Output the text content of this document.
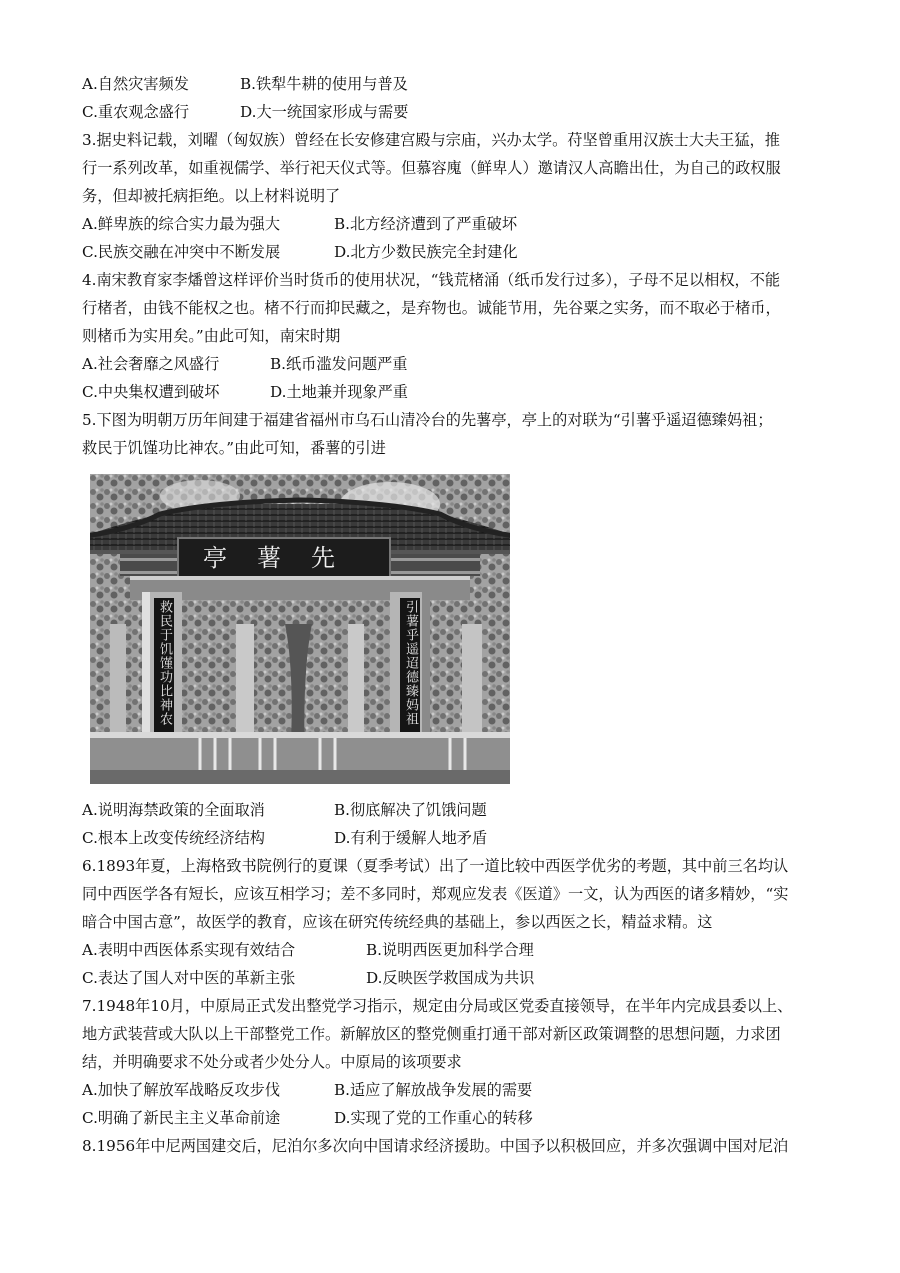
A.自然灾害频发	B.铁犁牛耕的使用与普及
C.重农观念盛行	D.大一统国家形成与需要
3.据史料记载，刘曜（匈奴族）曾经在长安修建宫殿与宗庙，兴办太学。苻坚曾重用汉族士大夫王猛，推
行一系列改革，如重视儒学、举行祀天仪式等。但慕容廆（鲜卑人）邀请汉人高瞻出仕，为自己的政权服
务，但却被托病拒绝。以上材料说明了
A.鲜卑族的综合实力最为强大	B.北方经济遭到了严重破坏
C.民族交融在冲突中不断发展	D.北方少数民族完全封建化
4.南宋教育家李燔曾这样评价当时货币的使用状况，“钱荒楮涌（纸币发行过多），子母不足以相权，不能
行楮者，由钱不能权之也。楮不行而抑民藏之，是弃物也。诚能节用，先谷粟之实务，而不取必于楮币，
则楮币为实用矣。”由此可知，南宋时期
A.社会奢靡之风盛行	B.纸币滥发问题严重
C.中央集权遭到破坏	D.土地兼并现象严重
5.下图为明朝万历年间建于福建省福州市乌石山清冷台的先薯亭，亭上的对联为“引薯乎遥迢德臻妈祖；
救民于饥馑功比神农。”由此可知，番薯的引进
先薯亭
救民于饥馑功比神农	引薯乎遥迢德臻妈祖
A.说明海禁政策的全面取消	B.彻底解决了饥饿问题
C.根本上改变传统经济结构	D.有利于缓解人地矛盾
6.1893年夏，上海格致书院例行的夏课（夏季考试）出了一道比较中西医学优劣的考题，其中前三名均认
同中西医学各有短长，应该互相学习；差不多同时，郑观应发表《医道》一文，认为西医的诸多精妙，“实
暗合中国古意”，故医学的教育，应该在研究传统经典的基础上，参以西医之长，精益求精。这
A.表明中西医体系实现有效结合	B.说明西医更加科学合理
C.表达了国人对中医的革新主张	D.反映医学救国成为共识
7.1948年10月，中原局正式发出整党学习指示，规定由分局或区党委直接领导，在半年内完成县委以上、
地方武装营或大队以上干部整党工作。新解放区的整党侧重打通干部对新区政策调整的思想问题，力求团
结，并明确要求不处分或者少处分人。中原局的该项要求
A.加快了解放军战略反攻步伐	B.适应了解放战争发展的需要
C.明确了新民主主义革命前途	D.实现了党的工作重心的转移
8.1956年中尼两国建交后，尼泊尔多次向中国请求经济援助。中国予以积极回应，并多次强调中国对尼泊
